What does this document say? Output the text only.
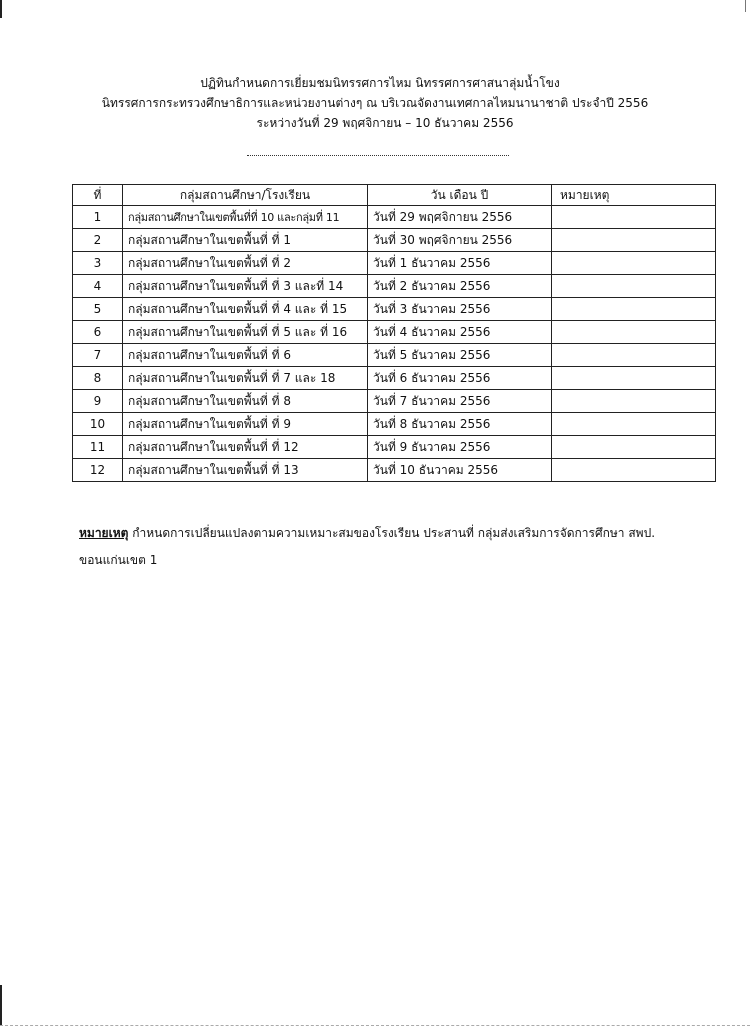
ปฏิทินกำหนดการเยี่ยมชมนิทรรศการไหม นิทรรศการศาสนาลุ่มน้ำโขง
นิทรรศการกระทรวงศึกษาธิการและหน่วยงานต่างๆ ณ บริเวณจัดงานเทศกาลไหมนานาชาติ ประจำปี 2556
ระหว่างวันที่ 29 พฤศจิกายน – 10 ธันวาคม 2556
ที่	กลุ่มสถานศึกษา/โรงเรียน	วัน เดือน ปี	หมายเหตุ
1	กลุ่มสถานศึกษาในเขตพื้นที่ที่ 10 และกลุ่มที่ 11	วันที่ 29 พฤศจิกายน 2556	
2	กลุ่มสถานศึกษาในเขตพื้นที่ ที่ 1	วันที่ 30 พฤศจิกายน 2556	
3	กลุ่มสถานศึกษาในเขตพื้นที่ ที่ 2	วันที่ 1 ธันวาคม 2556	
4	กลุ่มสถานศึกษาในเขตพื้นที่ ที่ 3 และที่ 14	วันที่ 2 ธันวาคม 2556	
5	กลุ่มสถานศึกษาในเขตพื้นที่ ที่ 4 และ ที่ 15	วันที่ 3 ธันวาคม 2556	
6	กลุ่มสถานศึกษาในเขตพื้นที่ ที่ 5 และ ที่ 16	วันที่ 4 ธันวาคม 2556	
7	กลุ่มสถานศึกษาในเขตพื้นที่ ที่ 6	วันที่ 5 ธันวาคม 2556	
8	กลุ่มสถานศึกษาในเขตพื้นที่ ที่ 7 และ 18	วันที่ 6 ธันวาคม 2556	
9	กลุ่มสถานศึกษาในเขตพื้นที่ ที่ 8	วันที่ 7 ธันวาคม 2556	
10	กลุ่มสถานศึกษาในเขตพื้นที่ ที่ 9	วันที่ 8 ธันวาคม 2556	
11	กลุ่มสถานศึกษาในเขตพื้นที่ ที่ 12	วันที่ 9 ธันวาคม 2556	
12	กลุ่มสถานศึกษาในเขตพื้นที่ ที่ 13	วันที่ 10 ธันวาคม 2556	
หมายเหตุ กำหนดการเปลี่ยนแปลงตามความเหมาะสมของโรงเรียน ประสานที่ กลุ่มส่งเสริมการจัดการศึกษา สพป.
ขอนแก่นเขต 1
